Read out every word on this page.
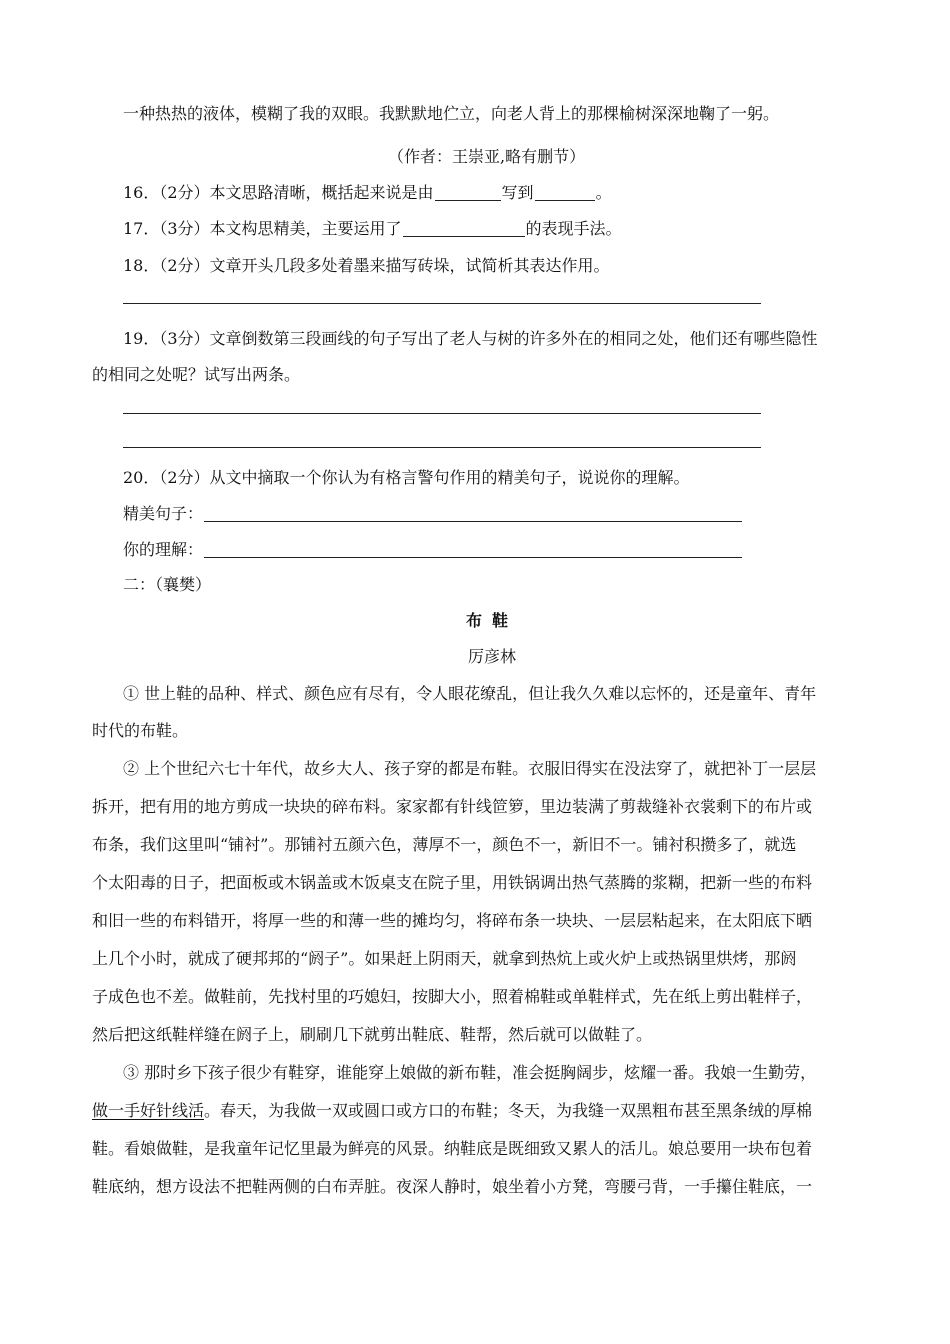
一种热热的液体，模糊了我的双眼。我默默地伫立，向老人背上的那棵榆树深深地鞠了一躬。
（作者：王崇亚,略有删节）
16．（2分）本文思路清晰，概括起来说是由	写到	。
17．（3分）本文构思精美，主要运用了	的表现手法。
18．（2分）文章开头几段多处着墨来描写砖垛，试简析其表达作用。
19．（3分）文章倒数第三段画线的句子写出了老人与树的许多外在的相同之处，他们还有哪些隐性
的相同之处呢？试写出两条。
20．（2分）从文中摘取一个你认为有格言警句作用的精美句子，说说你的理解。
精美句子：
你的理解：
二：（襄樊）
布鞋
厉彦林
① 世上鞋的品种、样式、颜色应有尽有，令人眼花缭乱，但让我久久难以忘怀的，还是童年、青年
时代的布鞋。
② 上个世纪六七十年代，故乡大人、孩子穿的都是布鞋。衣服旧得实在没法穿了，就把补丁一层层
拆开，把有用的地方剪成一块块的碎布料。家家都有针线笸箩，里边装满了剪裁缝补衣裳剩下的布片或
布条，我们这里叫“铺衬”。那铺衬五颜六色，薄厚不一，颜色不一，新旧不一。铺衬积攒多了，就选
个太阳毒的日子，把面板或木锅盖或木饭桌支在院子里，用铁锅调出热气蒸腾的浆糊，把新一些的布料
和旧一些的布料错开，将厚一些的和薄一些的摊均匀，将碎布条一块块、一层层粘起来，在太阳底下晒
上几个小时，就成了硬邦邦的“阏子”。如果赶上阴雨天，就拿到热炕上或火炉上或热锅里烘烤，那阏
子成色也不差。做鞋前，先找村里的巧媳妇，按脚大小，照着棉鞋或单鞋样式，先在纸上剪出鞋样子，
然后把这纸鞋样缝在阏子上，刷刷几下就剪出鞋底、鞋帮，然后就可以做鞋了。
③ 那时乡下孩子很少有鞋穿，谁能穿上娘做的新布鞋，准会挺胸阔步，炫耀一番。我娘一生勤劳，
做一手好针线活。春天，为我做一双或圆口或方口的布鞋；冬天，为我缝一双黑粗布甚至黑条绒的厚棉
鞋。看娘做鞋，是我童年记忆里最为鲜亮的风景。纳鞋底是既细致又累人的活儿。娘总要用一块布包着
鞋底纳，想方设法不把鞋两侧的白布弄脏。夜深人静时，娘坐着小方凳，弯腰弓背，一手攥住鞋底，一
